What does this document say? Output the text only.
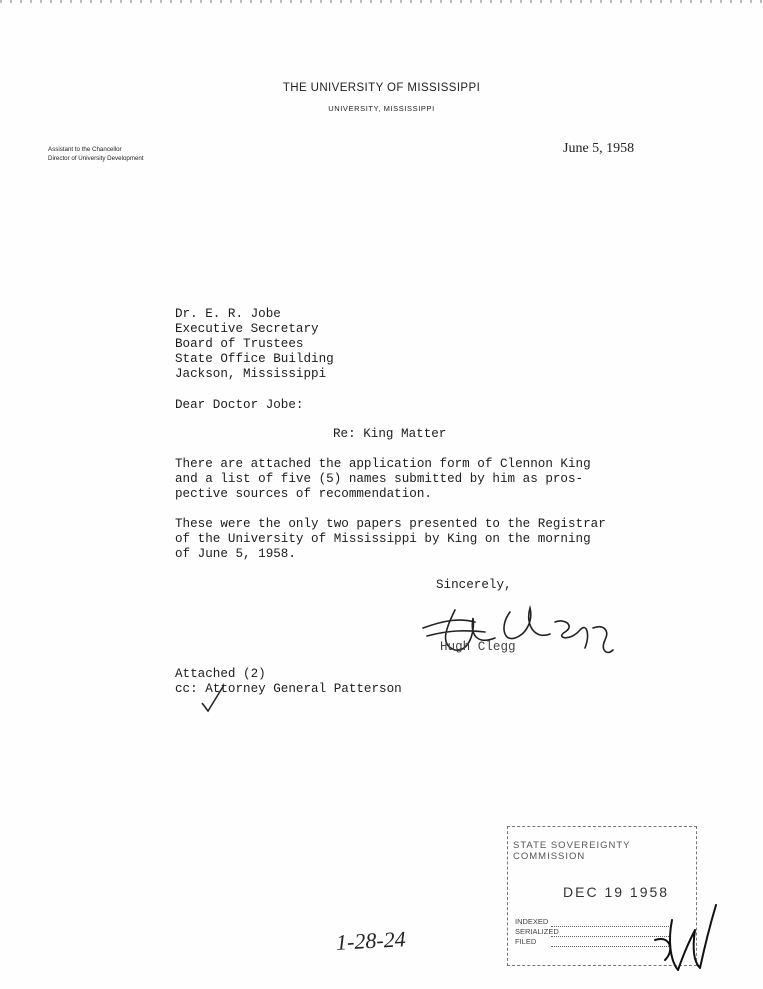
THE UNIVERSITY OF MISSISSIPPI
UNIVERSITY, MISSISSIPPI
Assistant to the Chancellor
Director of University Development
June 5, 1958
Dr. E. R. Jobe
Executive Secretary
Board of Trustees
State Office Building
Jackson, Mississippi
Dear Doctor Jobe:
Re: King Matter
There are attached the application form of Clennon King
and a list of five (5) names submitted by him as pros-
pective sources of recommendation.
These were the only two papers presented to the Registrar
of the University of Mississippi by King on the morning
of June 5, 1958.
Sincerely,
Hugh Clegg
Attached (2)
cc: Attorney General Patterson
1-28-24
STATE SOVEREIGNTY COMMISSION
DEC 19 1958
INDEXED
SERIALIZED
FILED
